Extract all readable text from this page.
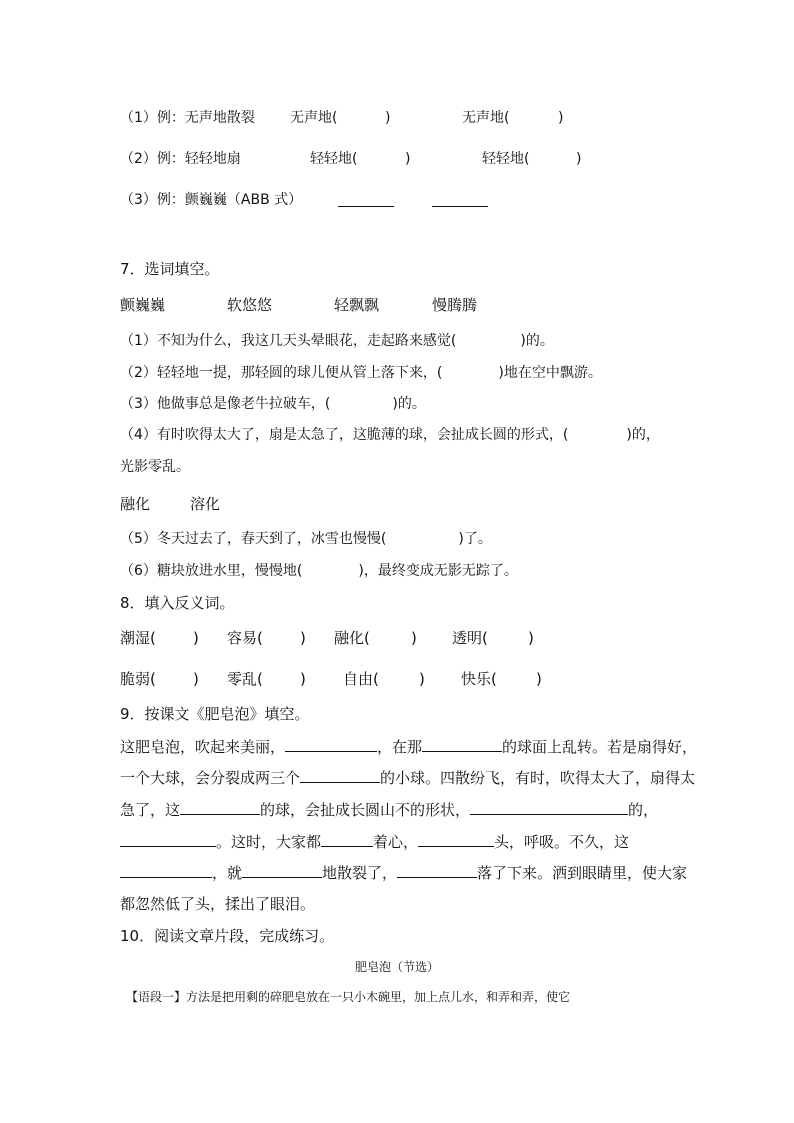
（1）例：无声地散裂	无声地(	)	无声地(	)
（2）例：轻轻地扇	轻轻地(	)	轻轻地(	)
（3）例：颤巍巍（ABB 式）
7．选词填空。
颤巍巍	软悠悠	轻飘飘	慢腾腾
（1）不知为什么，我这几天头晕眼花，走起路来感觉(	)的。
（2）轻轻地一提，那轻圆的球儿便从管上落下来，(	)地在空中飘游。
（3）他做事总是像老牛拉破车，(	)的。
（4）有时吹得太大了，扇是太急了，这脆薄的球，会扯成长圆的形式，(	)的，
光影零乱。
融化	溶化
（5）冬天过去了，春天到了，冰雪也慢慢(	)了。
（6）糖块放进水里，慢慢地(	)，最终变成无影无踪了。
8．填入反义词。
潮湿( ) 容易( ) 融化(	) 透明(	)
脆弱( ) 零乱( ) 自由(	) 快乐(	)
9．按课文《肥皂泡》填空。
这肥皂泡，吹起来美丽，	，在那	的球面上乱转。若是扇得好，
一个大球，会分裂成两三个	的小球。四散纷飞，有时，吹得太大了，扇得太
急了，这	的球，会扯成长圆山不的形状，	的，
。这时，大家都	着心，	头，呼吸。不久，这
，就	地散裂了，	落了下来。洒到眼睛里，使大家
都忽然低了头，揉出了眼泪。
10．阅读文章片段，完成练习。
肥皂泡（节选）
【语段一】方法是把用剩的碎肥皂放在一只小木碗里，加上点儿水，和弄和弄，使它
